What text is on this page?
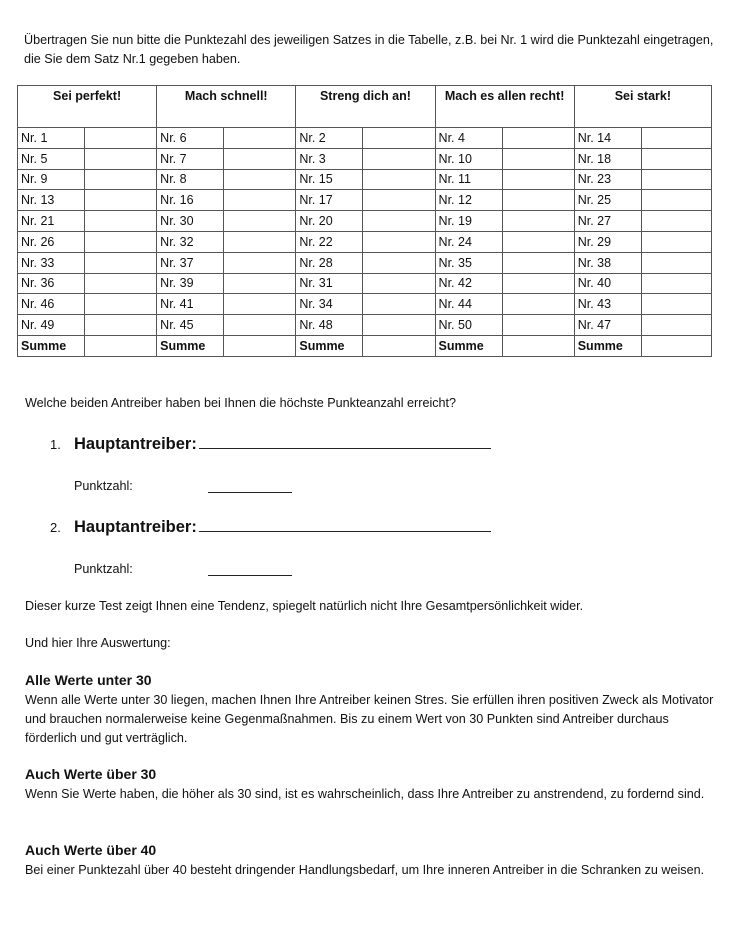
Übertragen Sie nun bitte die Punktezahl des jeweiligen Satzes in die Tabelle, z.B. bei Nr. 1 wird die Punktezahl eingetragen, die Sie dem Satz Nr.1 gegeben haben.
Sei perfekt!		Mach schnell!		Streng dich an!		Mach es allen recht!		Sei stark!	
Nr. 1		Nr. 6		Nr. 2		Nr. 4		Nr. 14	
Nr. 5		Nr. 7		Nr. 3		Nr. 10		Nr. 18	
Nr. 9		Nr. 8		Nr. 15		Nr. 11		Nr. 23	
Nr. 13		Nr. 16		Nr. 17		Nr. 12		Nr. 25	
Nr. 21		Nr. 30		Nr. 20		Nr. 19		Nr. 27	
Nr. 26		Nr. 32		Nr. 22		Nr. 24		Nr. 29	
Nr. 33		Nr. 37		Nr. 28		Nr. 35		Nr. 38	
Nr. 36		Nr. 39		Nr. 31		Nr. 42		Nr. 40	
Nr. 46		Nr. 41		Nr. 34		Nr. 44		Nr. 43	
Nr. 49		Nr. 45		Nr. 48		Nr. 50		Nr. 47	
Summe		Summe		Summe		Summe		Summe	
Welche beiden Antreiber haben bei Ihnen die höchste Punkteanzahl erreicht?
1. Hauptantreiber:
Punktzahl:
2. Hauptantreiber:
Punktzahl:
Dieser kurze Test zeigt Ihnen eine Tendenz, spiegelt natürlich nicht Ihre Gesamtpersönlichkeit wider.
Und hier Ihre Auswertung:
Alle Werte unter 30
Wenn alle Werte unter 30 liegen, machen Ihnen Ihre Antreiber keinen Stres. Sie erfüllen ihren positiven Zweck als Motivator und brauchen normalerweise keine Gegenmaßnahmen. Bis zu einem Wert von 30 Punkten sind Antreiber durchaus förderlich und gut verträglich.
Auch Werte über 30
Wenn Sie Werte haben, die höher als 30 sind, ist es wahrscheinlich, dass Ihre Antreiber zu anstrendend, zu fordernd sind.
Auch Werte über 40
Bei einer Punktezahl über 40 besteht dringender Handlungsbedarf, um Ihre inneren Antreiber in die Schranken zu weisen.
